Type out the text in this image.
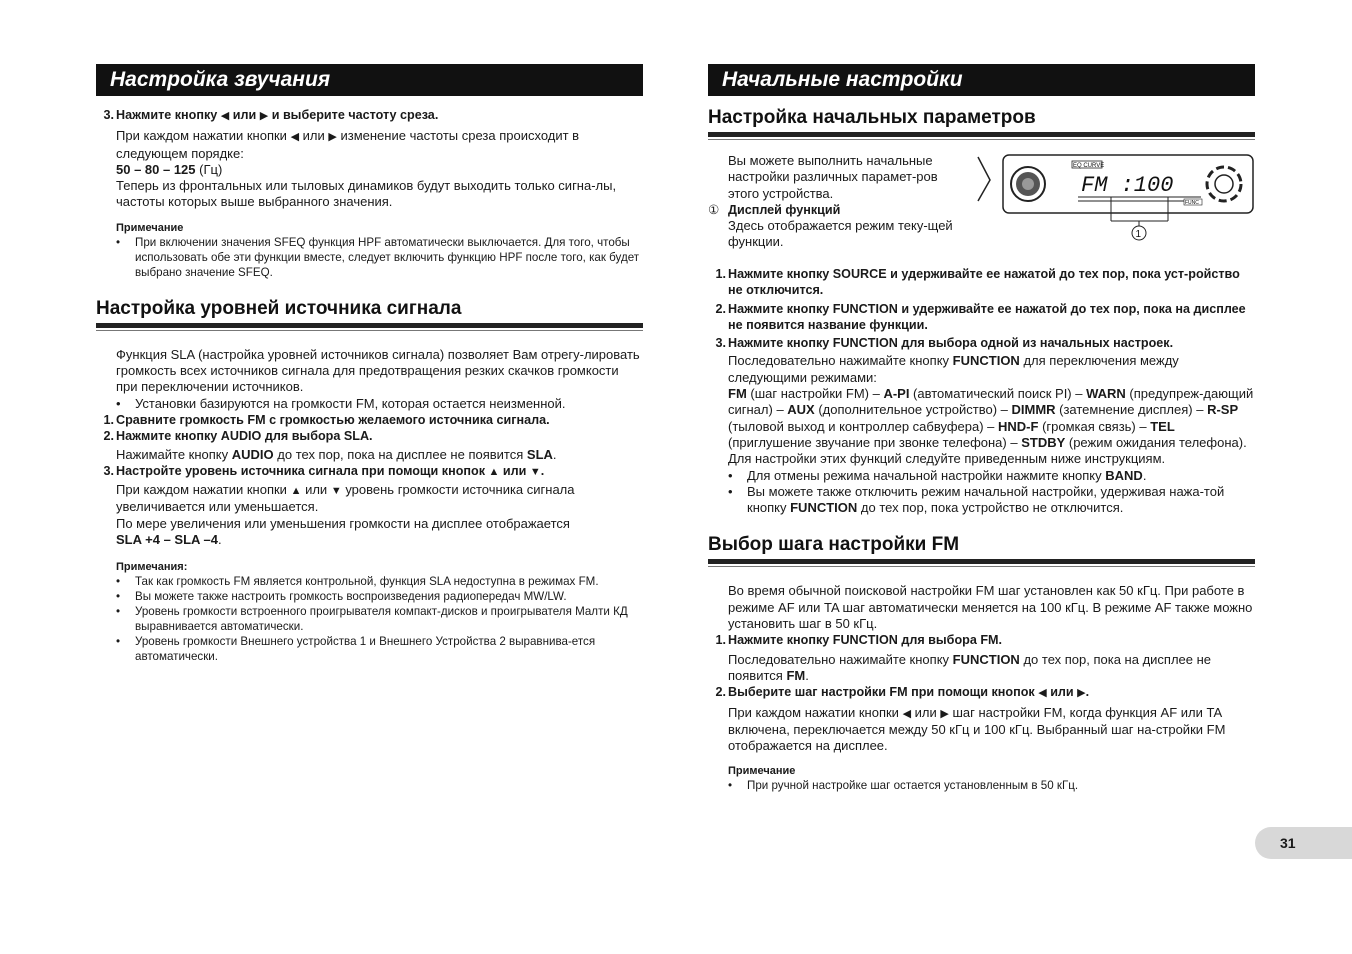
Настройка звучания
3. Нажмите кнопку ◀ или ▶ и выберите частоту среза.

При каждом нажатии кнопки ◀ или ▶ изменение частоты среза происходит в следующем порядке:

50 – 80 – 125 (Гц)

Теперь из фронтальных или тыловых динамиков будут выходить только сигна-лы, частоты которых выше выбранного значения.

Примечание
•	При включении значения SFEQ функция HPF автоматически выключается. Для того, чтобы использовать обе эти функции вместе, следует включить функцию HPF после того, как будет выбрано значение SFEQ.
Настройка уровней источника сигнала

Функция SLA (настройка уровней источников сигнала) позволяет Вам отрегу-лировать громкость всех источников сигнала для предотвращения резких скачков громкости при переключении источников.

•	Установки базируются на громкости FM, которая остается неизменной.
1. Сравните громкость FM с громкостью желаемого источника сигнала.
2. Нажмите кнопку AUDIO для выбора SLA.

Нажимайте кнопку AUDIO до тех пор, пока на дисплее не появится SLA.

3. Настройте уровень источника сигнала при помощи кнопок ▲ или ▼.

При каждом нажатии кнопки ▲ или ▼ уровень громкости источника сигнала увеличивается или уменьшается.

По мере увеличения или уменьшения громкости на дисплее отображается
SLA +4 – SLA –4.

Примечания:
•	Так как громкость FM является контрольной, функция SLA недоступна в режимах FM.
•	Вы можете также настроить громкость воспроизведения радиопередач MW/LW.
•	Уровень громкости встроенного проигрывателя компакт-дисков и проигрывателя Малти КД выравнивается автоматически.
•	Уровень громкости Внешнего устройства 1 и Внешнего Устройства 2 выравнива-ется автоматически.
Начальные настройки
Настройка начальных параметров

Вы можете выполнить начальные настройки различных парамет-ров этого устройства.

① Дисплей функций

Здесь отображается режим теку-щей функции.

EQ CURVE
FM :100
FUNC
1
1. Нажмите кнопку SOURCE и удерживайте ее нажатой до тех пор, пока уст-ройство не отключится.
2. Нажмите кнопку FUNCTION и удерживайте ее нажатой до тех пор, пока на дисплее не появится название функции.
3. Нажмите кнопку FUNCTION для выбора одной из начальных настроек.

Последовательно нажимайте кнопку FUNCTION для переключения между следующими режимами:

FM (шаг настройки FM) – A-PI (автоматический поиск PI) – WARN (предупреж-дающий сигнал) – AUX (дополнительное устройство) – DIMMR (затемнение дисплея) – R-SP (тыловой выход и контроллер сабвуфера) – HND-F (громкая связь) – TEL (приглушение звучание при звонке телефона) – STDBY (режим ожидания телефона).

Для настройки этих функций следуйте приведенным ниже инструкциям.

•	Для отмены режима начальной настройки нажмите кнопку BAND.
•	Вы можете также отключить режим начальной настройки, удерживая нажа-той кнопку FUNCTION до тех пор, пока устройство не отключится.
Выбор шага настройки FM

Во время обычной поисковой настройки FM шаг установлен как 50 кГц. При работе в режиме AF или TA шаг автоматически меняется на 100 кГц. В режиме AF также можно установить шаг в 50 кГц.

1. Нажмите кнопку FUNCTION для выбора FM.

Последовательно нажимайте кнопку FUNCTION до тех пор, пока на дисплее не появится FM.

2. Выберите шаг настройки FM при помощи кнопок ◀ или ▶.

При каждом нажатии кнопки ◀ или ▶ шаг настройки FM, когда функция AF или TA включена, переключается между 50 кГц и 100 кГц. Выбранный шаг на-стройки FM отображается на дисплее.

Примечание
•	При ручной настройке шаг остается установленным в 50 кГц.
31
